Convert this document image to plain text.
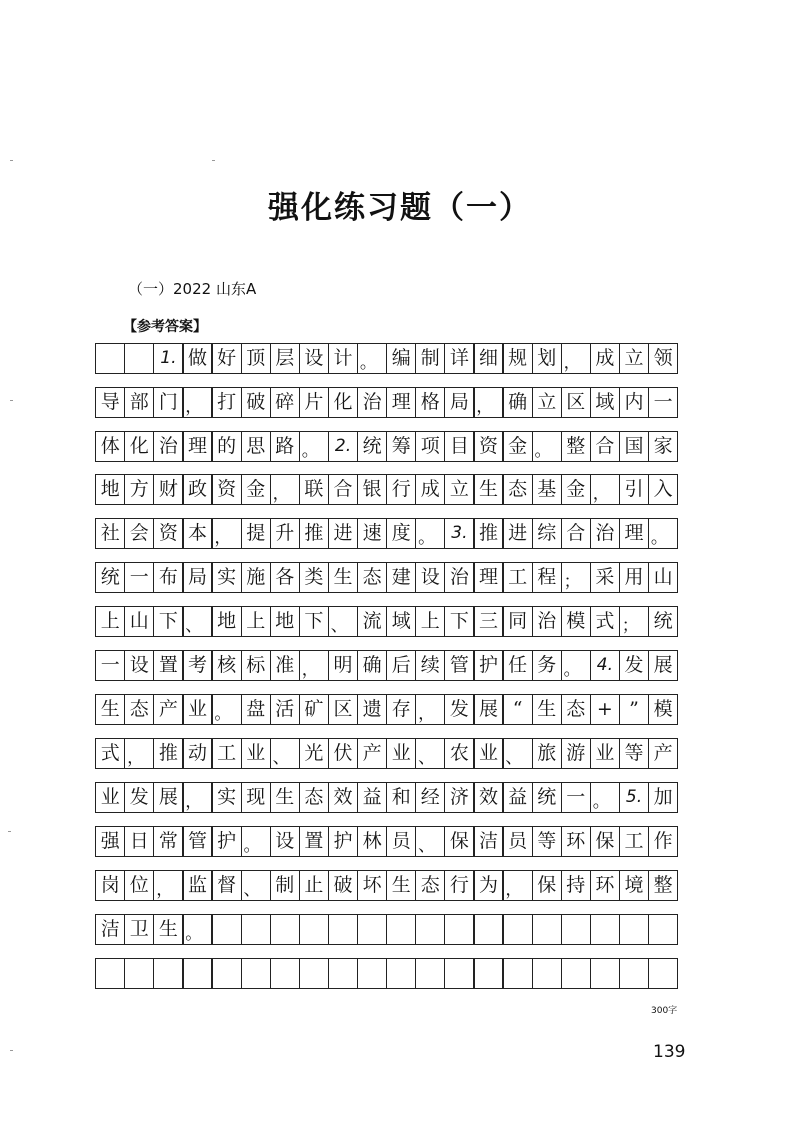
强化练习题（一）
（一）2022 山东A
【参考答案】
1. 做 好 顶 层 设 计 。 编 制 详 细 规 划 ， 成 立 领
导 部 门 ， 打 破 碎 片 化 治 理 格 局 ， 确 立 区 域 内 一
体 化 治 理 的 思 路 。 2. 统 筹 项 目 资 金 。 整 合 国 家
地 方 财 政 资 金 ， 联 合 银 行 成 立 生 态 基 金 ， 引 入
社 会 资 本 ， 提 升 推 进 速 度 。 3. 推 进 综 合 治 理 。
统 一 布 局 实 施 各 类 生 态 建 设 治 理 工 程 ； 采 用 山
上 山 下 、 地 上 地 下 、 流 域 上 下 三 同 治 模 式 ； 统
一 设 置 考 核 标 准 ， 明 确 后 续 管 护 任 务 。 4. 发 展
生 态 产 业 。 盘 活 矿 区 遗 存 ， 发 展 “ 生 态 + ” 模
式 ， 推 动 工 业 、 光 伏 产 业 、 农 业 、 旅 游 业 等 产
业 发 展 ， 实 现 生 态 效 益 和 经 济 效 益 统 一 。 5. 加
强 日 常 管 护 。 设 置 护 林 员 、 保 洁 员 等 环 保 工 作
岗 位 ， 监 督 、 制 止 破 坏 生 态 行 为 ， 保 持 环 境 整
洁 卫 生 。
300字
139
